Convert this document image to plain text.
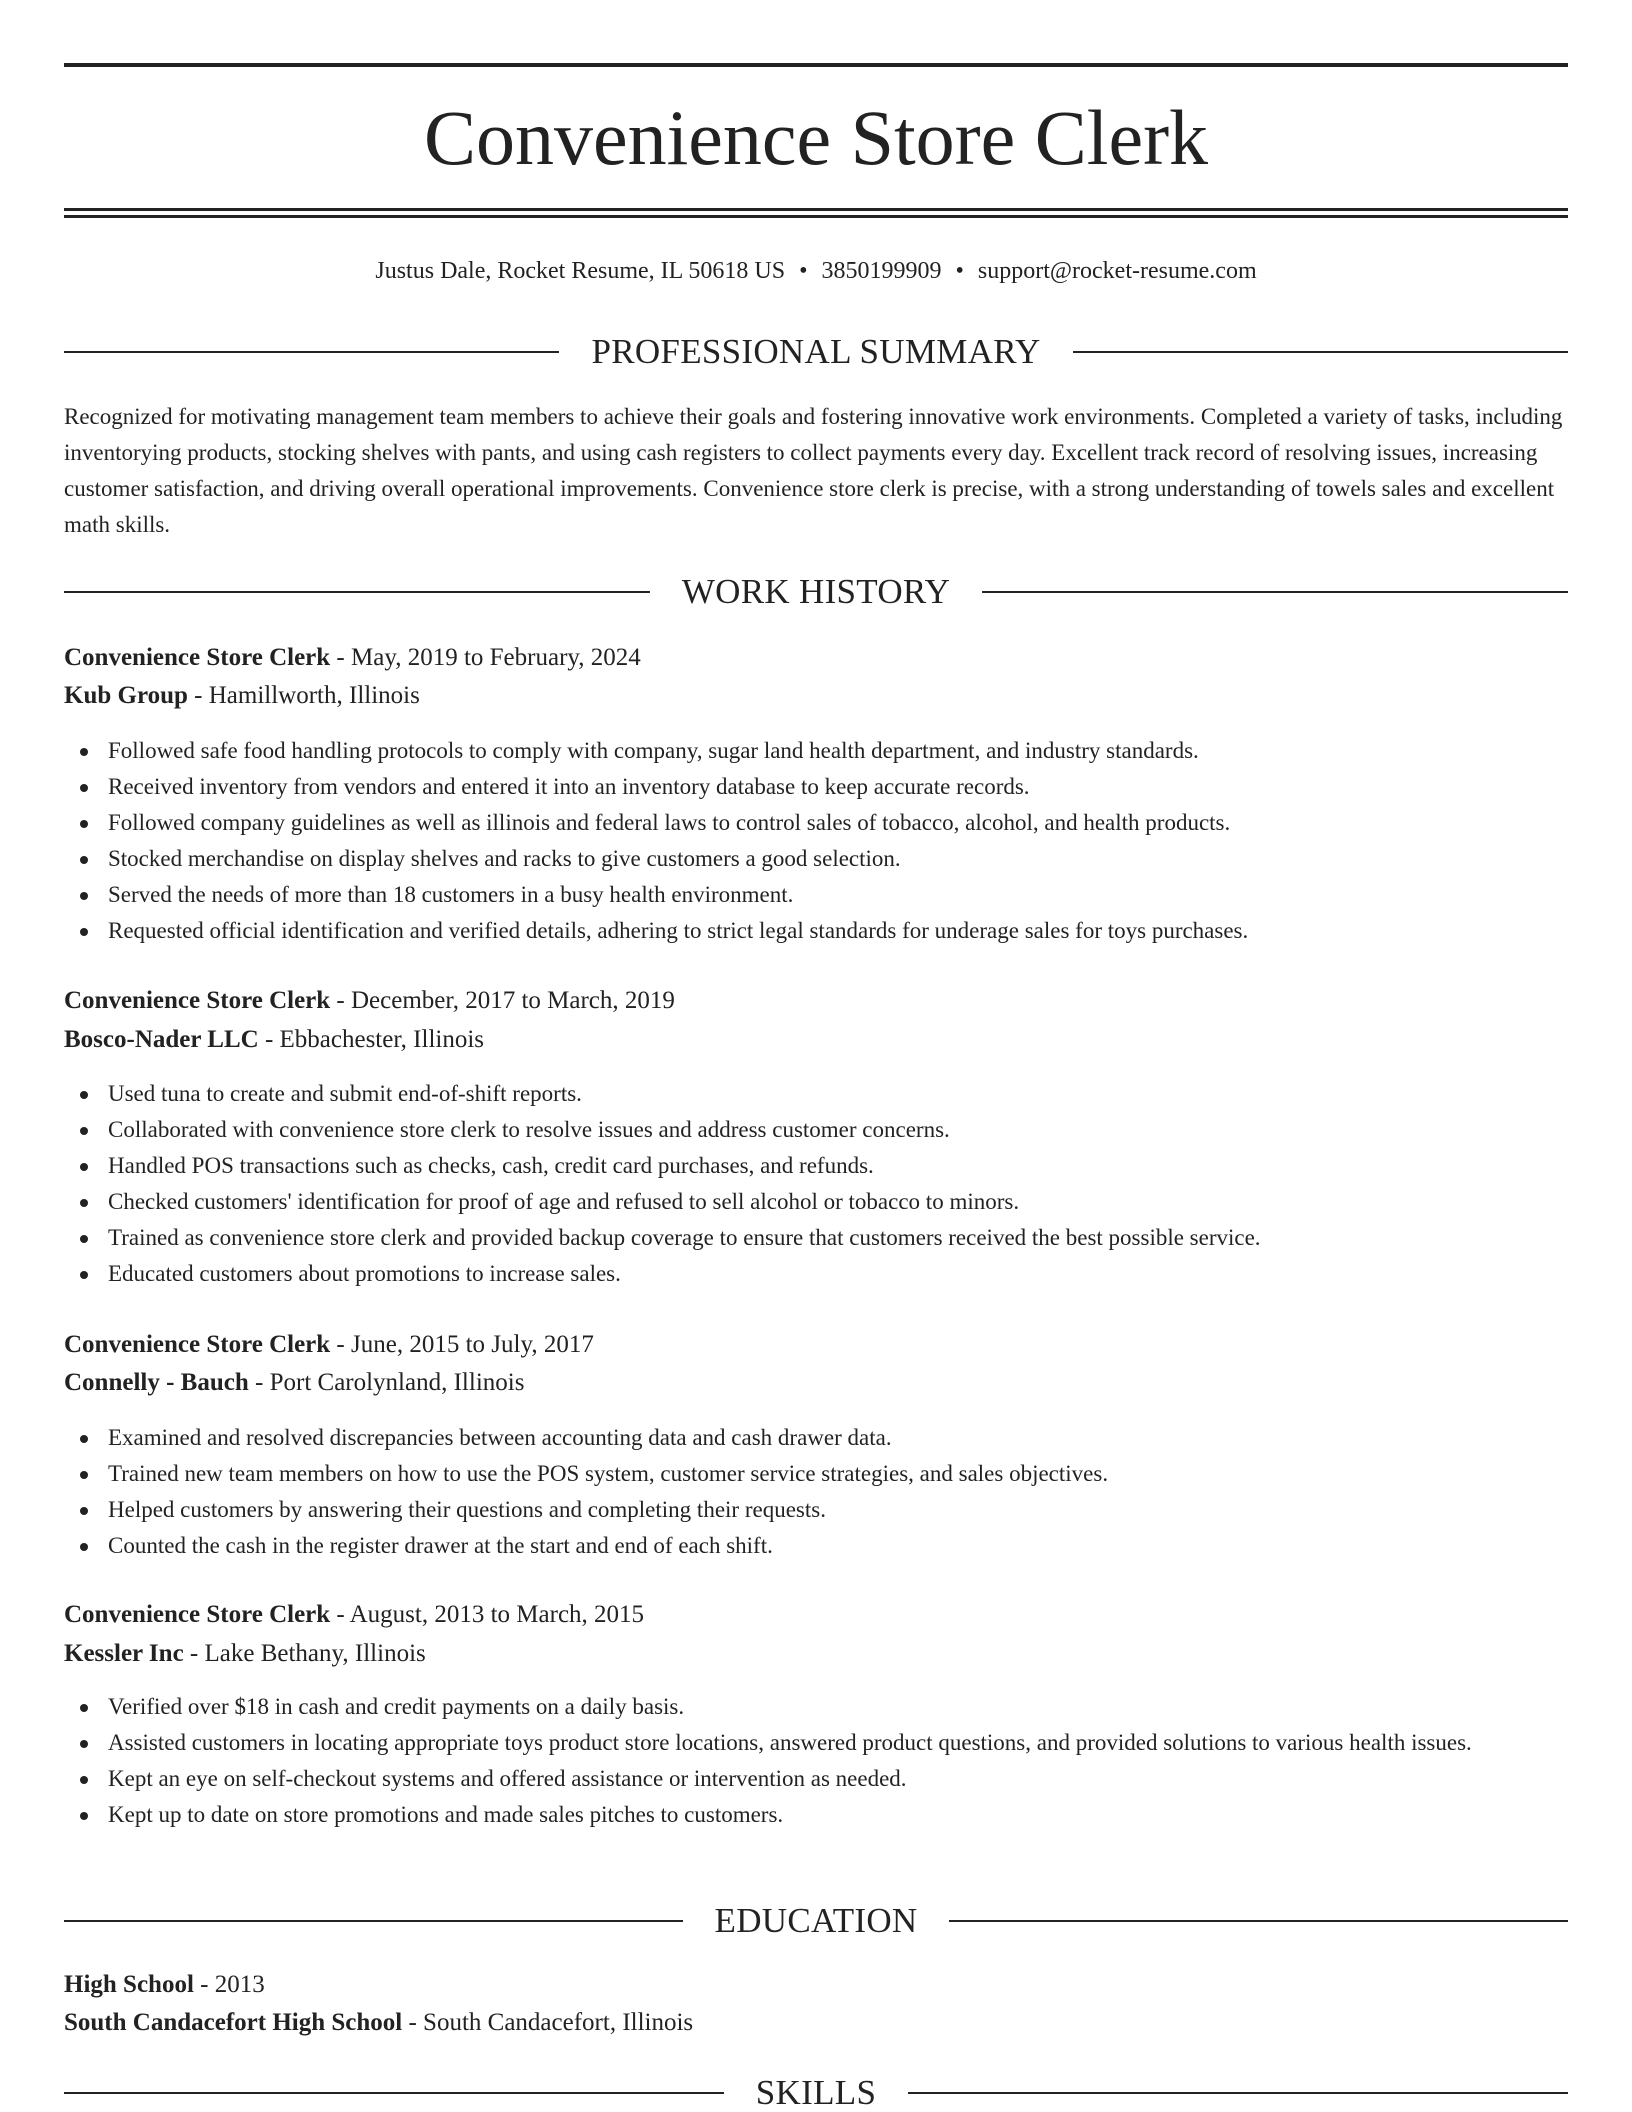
Convenience Store Clerk
Justus Dale, Rocket Resume, IL 50618 US • 3850199909 • support@rocket-resume.com
PROFESSIONAL SUMMARY

Recognized for motivating management team members to achieve their goals and fostering innovative work environments. Completed a variety of tasks, including inventorying products, stocking shelves with pants, and using cash registers to collect payments every day. Excellent track record of resolving issues, increasing customer satisfaction, and driving overall operational improvements. Convenience store clerk is precise, with a strong understanding of towels sales and excellent math skills.

WORK HISTORY
Convenience Store Clerk - May, 2019 to February, 2024
Kub Group - Hamillworth, Illinois
Followed safe food handling protocols to comply with company, sugar land health department, and industry standards.
Received inventory from vendors and entered it into an inventory database to keep accurate records.
Followed company guidelines as well as illinois and federal laws to control sales of tobacco, alcohol, and health products.
Stocked merchandise on display shelves and racks to give customers a good selection.
Served the needs of more than 18 customers in a busy health environment.
Requested official identification and verified details, adhering to strict legal standards for underage sales for toys purchases.
Convenience Store Clerk - December, 2017 to March, 2019
Bosco-Nader LLC - Ebbachester, Illinois
Used tuna to create and submit end-of-shift reports.
Collaborated with convenience store clerk to resolve issues and address customer concerns.
Handled POS transactions such as checks, cash, credit card purchases, and refunds.
Checked customers' identification for proof of age and refused to sell alcohol or tobacco to minors.
Trained as convenience store clerk and provided backup coverage to ensure that customers received the best possible service.
Educated customers about promotions to increase sales.
Convenience Store Clerk - June, 2015 to July, 2017
Connelly - Bauch - Port Carolynland, Illinois
Examined and resolved discrepancies between accounting data and cash drawer data.
Trained new team members on how to use the POS system, customer service strategies, and sales objectives.
Helped customers by answering their questions and completing their requests.
Counted the cash in the register drawer at the start and end of each shift.
Convenience Store Clerk - August, 2013 to March, 2015
Kessler Inc - Lake Bethany, Illinois
Verified over $18 in cash and credit payments on a daily basis.
Assisted customers in locating appropriate toys product store locations, answered product questions, and provided solutions to various health issues.
Kept an eye on self-checkout systems and offered assistance or intervention as needed.
Kept up to date on store promotions and made sales pitches to customers.
EDUCATION
High School - 2013
South Candacefort High School - South Candacefort, Illinois
SKILLS
